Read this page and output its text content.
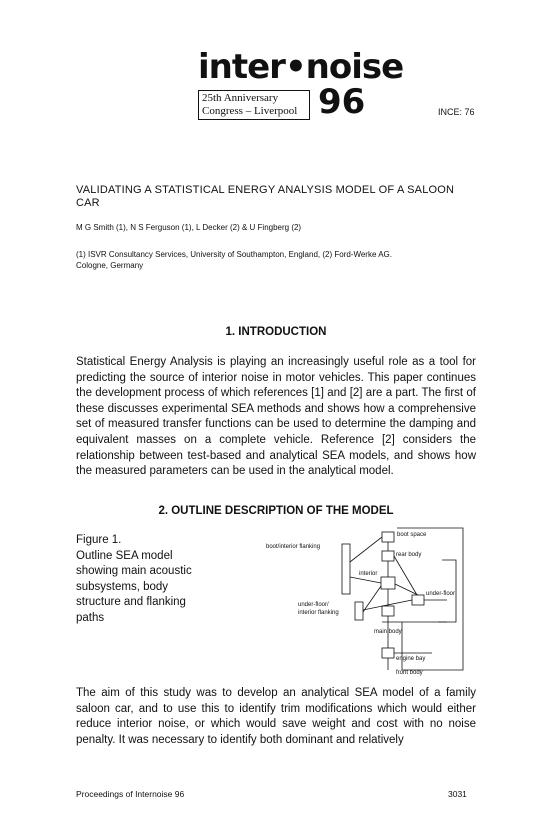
inter•noise
25th Anniversary
Congress – Liverpool 96	INCE: 76
VALIDATING A STATISTICAL ENERGY ANALYSIS MODEL OF A SALOON
CAR
M G Smith (1), N S Ferguson (1), L Decker (2) & U Fingberg (2)
(1) ISVR Consultancy Services, University of Southampton, England, (2) Ford-Werke AG.
Cologne, Germany
1. INTRODUCTION
Statistical Energy Analysis is playing an increasingly useful role as a tool for predicting the source of interior noise in motor vehicles. This paper continues the development process of which references [1] and [2] are a part. The first of these discusses experimental SEA methods and shows how a comprehensive set of measured transfer functions can be used to determine the damping and equivalent masses on a complete vehicle. Reference [2] considers the relationship between test-based and analytical SEA models, and shows how the measured parameters can be used in the analytical model.
2. OUTLINE DESCRIPTION OF THE MODEL
Figure 1.
Outline SEA model
showing main acoustic
subsystems, body
structure and flanking
paths
boot space
boot/interior flanking
rear body
interior
under-floor
under-floor/
interior flanking
main body
engine bay
front body
The aim of this study was to develop an analytical SEA model of a family saloon car, and to use this to identify trim modifications which would either reduce interior noise, or which would save weight and cost with no noise penalty. It was necessary to identify both dominant and relatively
Proceedings of Internoise 96	3031
